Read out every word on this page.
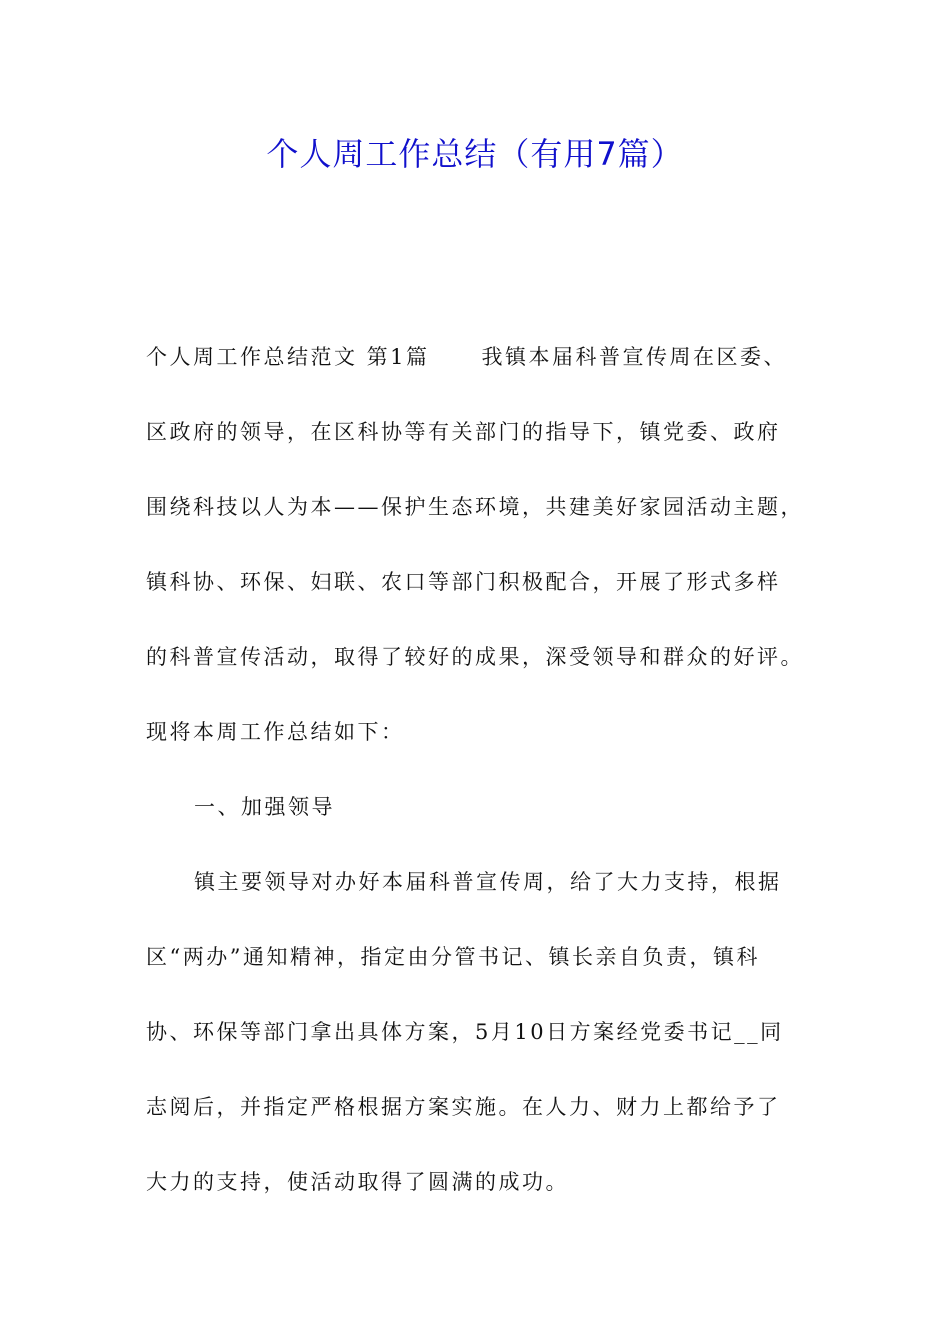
个人周工作总结（有用7篇）
个人周工作总结范文 第1篇 我镇本届科普宣传周在区委、
区政府的领导，在区科协等有关部门的指导下，镇党委、政府
围绕科技以人为本——保护生态环境，共建美好家园活动主题，
镇科协、环保、妇联、农口等部门积极配合，开展了形式多样
的科普宣传活动，取得了较好的成果，深受领导和群众的好评。
现将本周工作总结如下：
一、加强领导
镇主要领导对办好本届科普宣传周，给了大力支持，根据
区“两办”通知精神，指定由分管书记、镇长亲自负责，镇科
协、环保等部门拿出具体方案，5月10日方案经党委书记__同
志阅后，并指定严格根据方案实施。在人力、财力上都给予了
大力的支持，使活动取得了圆满的成功。
